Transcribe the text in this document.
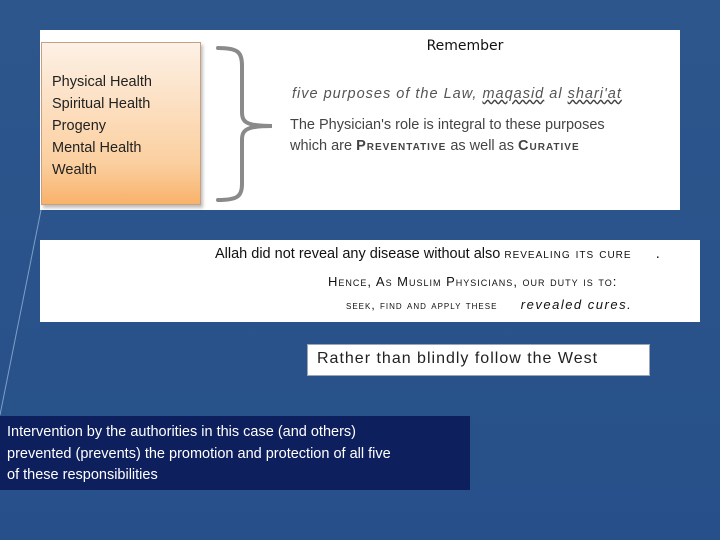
Remember
Physical Health
Spiritual Health
Progeny
Mental Health
Wealth
five purposes of the Law, maqasid al shari'at
The Physician's role is integral to these purposes
which are Preventative as well as Curative
Allah did not reveal any disease without also revealing its cure .
Hence, As Muslim Physicians, our duty is to:
seek, find and apply these revealed cures.
Rather than blindly follow the West
Intervention by the authorities in this case (and others)
prevented (prevents) the promotion and protection of all five
of these responsibilities
